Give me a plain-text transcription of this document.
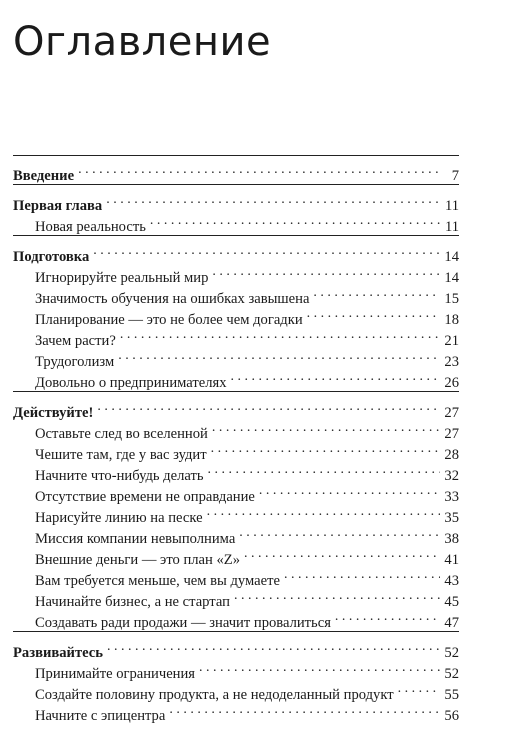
Оглавление
Введение . . .	7
Первая глава . . .	11
Новая реальность . . .	11
Подготовка . . .	14
Игнорируйте реальный мир . . .	14
Значимость обучения на ошибках завышена . . .	15
Планирование — это не более чем догадки . . .	18
Зачем расти? . . .	21
Трудоголизм . . .	23
Довольно о предпринимателях . . .	26
Действуйте! . . .	27
Оставьте след во вселенной . . .	27
Чешите там, где у вас зудит . . .	28
Начните что-нибудь делать . . .	32
Отсутствие времени не оправдание . . .	33
Нарисуйте линию на песке . . .	35
Миссия компании невыполнима . . .	38
Внешние деньги — это план «Z» . . .	41
Вам требуется меньше, чем вы думаете . . .	43
Начинайте бизнес, а не стартап . . .	45
Создавать ради продажи — значит провалиться . . .	47
Развивайтесь . . .	52
Принимайте ограничения . . .	52
Создайте половину продукта, а не недоделанный продукт . . .	55
Начните с эпицентра . . .	56
